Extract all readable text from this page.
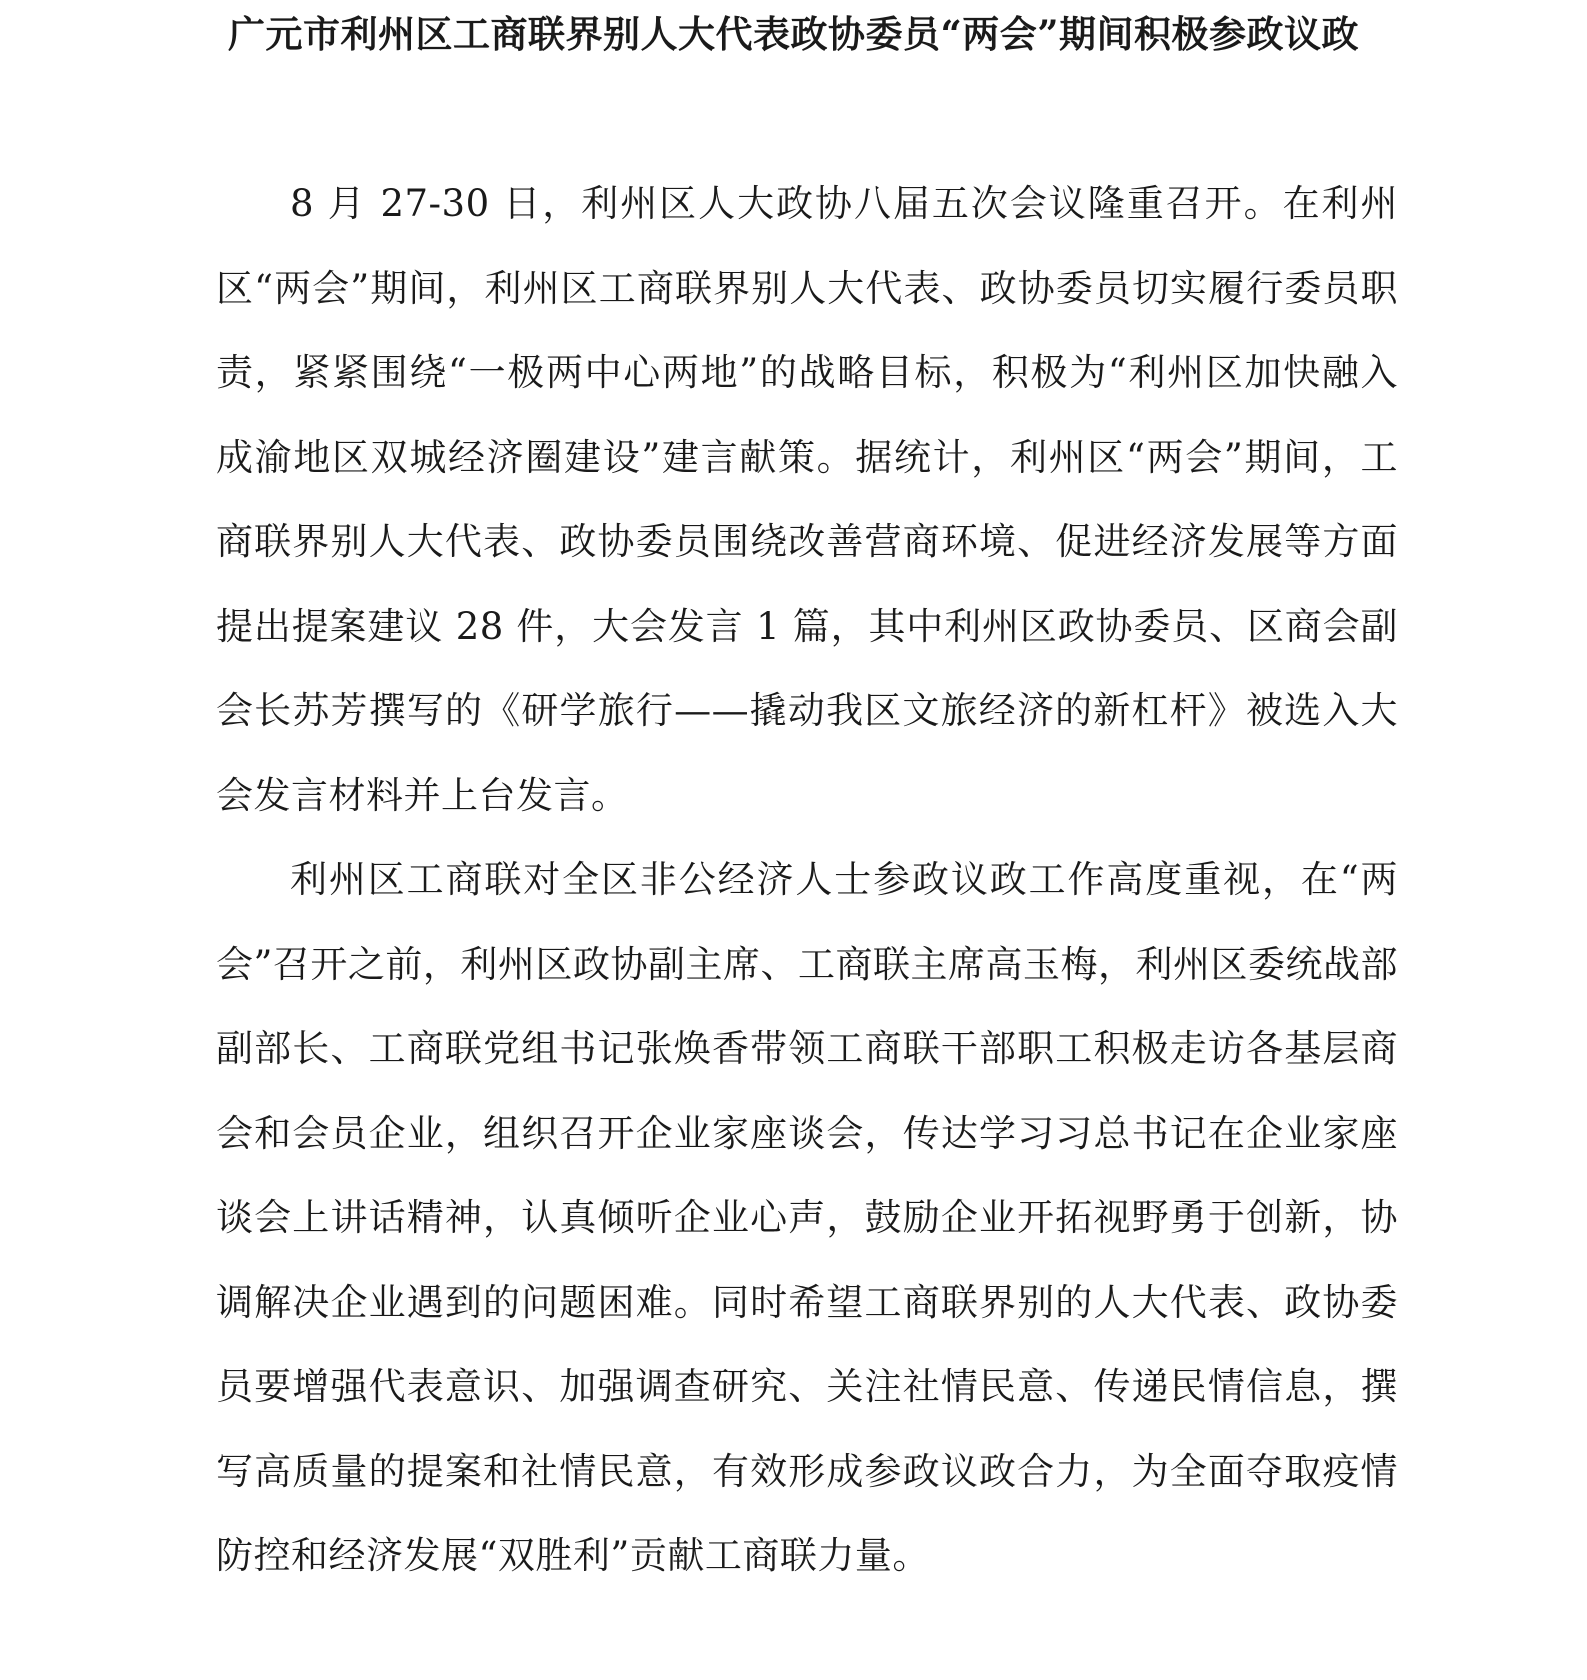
广元市利州区工商联界别人大代表政协委员“两会”期间积极参政议政

8 月 27-30 日，利州区人大政协八届五次会议隆重召开。在利州区“两会”期间，利州区工商联界别人大代表、政协委员切实履行委员职责，紧紧围绕“一极两中心两地”的战略目标，积极为“利州区加快融入成渝地区双城经济圈建设”建言献策。据统计，利州区“两会”期间，工商联界别人大代表、政协委员围绕改善营商环境、促进经济发展等方面提出提案建议 28 件，大会发言 1 篇，其中利州区政协委员、区商会副会长苏芳撰写的《研学旅行——撬动我区文旅经济的新杠杆》被选入大会发言材料并上台发言。

利州区工商联对全区非公经济人士参政议政工作高度重视，在“两会”召开之前，利州区政协副主席、工商联主席高玉梅，利州区委统战部副部长、工商联党组书记张焕香带领工商联干部职工积极走访各基层商会和会员企业，组织召开企业家座谈会，传达学习习总书记在企业家座谈会上讲话精神，认真倾听企业心声，鼓励企业开拓视野勇于创新，协调解决企业遇到的问题困难。同时希望工商联界别的人大代表、政协委员要增强代表意识、加强调查研究、关注社情民意、传递民情信息，撰写高质量的提案和社情民意，有效形成参政议政合力，为全面夺取疫情防控和经济发展“双胜利”贡献工商联力量。
